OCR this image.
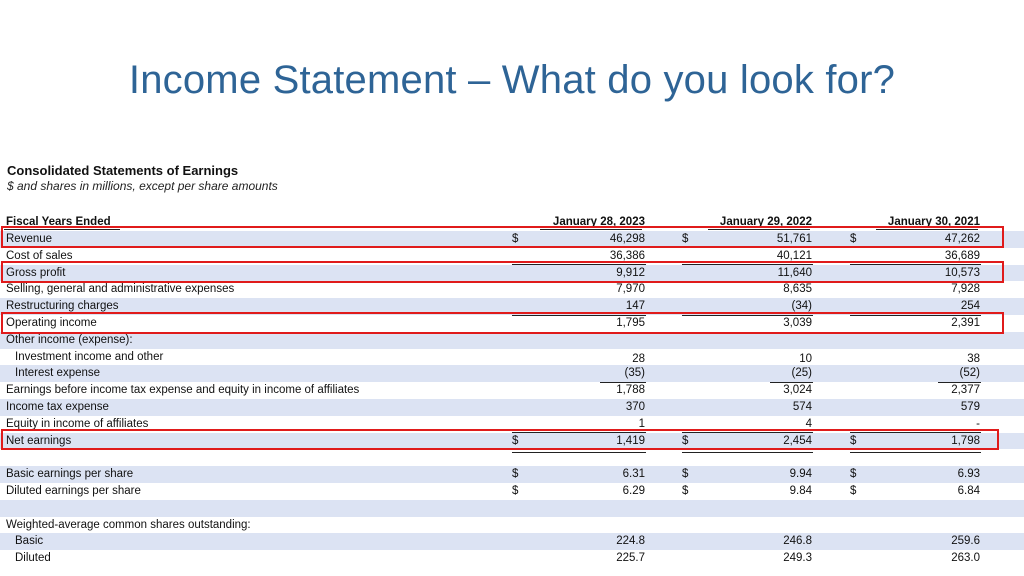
Income Statement – What do you look for?
Consolidated Statements of Earnings
$ and shares in millions, except per share amounts
Fiscal Years Ended	January 28, 2023	January 29, 2022	January 30, 2021
Revenue	$	46,298	$	51,761	$	47,262
Cost of sales	36,386	40,121	36,689
Gross profit	9,912	11,640	10,573
Selling, general and administrative expenses	7,970	8,635	7,928
Restructuring charges	147	(34)	254
Operating income	1,795	3,039	2,391
Other income (expense):
Investment income and other	28	10	38
Interest expense	(35)	(25)	(52)
Earnings before income tax expense and equity in income of affiliates	1,788	3,024	2,377
Income tax expense	370	574	579
Equity in income of affiliates	1	4	-
Net earnings	$	1,419	$	2,454	$	1,798
Basic earnings per share	$	6.31	$	9.94	$	6.93
Diluted earnings per share	$	6.29	$	9.84	$	6.84
Weighted-average common shares outstanding:
Basic	224.8	246.8	259.6
Diluted	225.7	249.3	263.0
